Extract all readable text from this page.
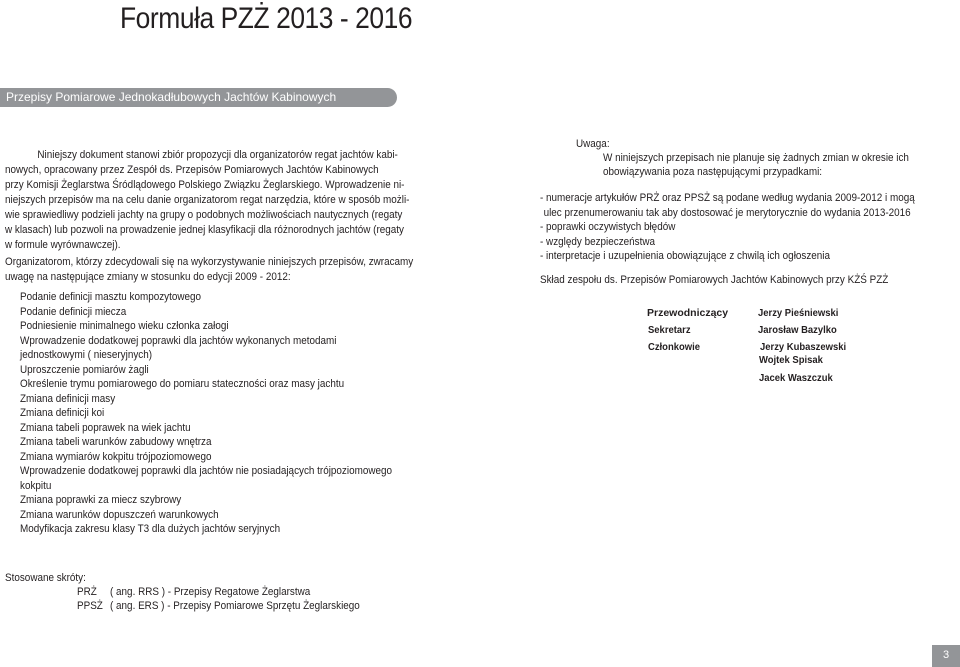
Formuła PZŻ 2013 - 2016
Przepisy Pomiarowe Jednokadłubowych Jachtów Kabinowych
Niniejszy dokument stanowi zbiór propozycji dla organizatorów regat jachtów kabi-
nowych, opracowany przez Zespół ds. Przepisów Pomiarowych Jachtów Kabinowych
przy Komisji Żeglarstwa Śródlądowego Polskiego Związku Żeglarskiego. Wprowadzenie ni-
niejszych przepisów ma na celu danie organizatorom regat narzędzia, które w sposób możli-
wie sprawiedliwy podzieli jachty na grupy o podobnych możliwościach nautycznych (regaty
w klasach) lub pozwoli na prowadzenie jednej klasyfikacji dla różnorodnych jachtów (regaty
w formule wyrównawczej).
Organizatorom, którzy zdecydowali się na wykorzystywanie niniejszych przepisów, zwracamy
uwagę na następujące zmiany w stosunku do edycji 2009 - 2012:
Podanie definicji masztu kompozytowego
Podanie definicji miecza
Podniesienie minimalnego wieku członka załogi
Wprowadzenie dodatkowej poprawki dla jachtów wykonanych metodami
jednostkowymi ( nieseryjnych)
Uproszczenie pomiarów żagli
Określenie trymu pomiarowego do pomiaru stateczności oraz masy jachtu
Zmiana definicji masy
Zmiana definicji koi
Zmiana tabeli poprawek na wiek jachtu
Zmiana tabeli warunków zabudowy wnętrza
Zmiana wymiarów kokpitu trójpoziomowego
Wprowadzenie dodatkowej poprawki dla jachtów nie posiadających trójpoziomowego
kokpitu
Zmiana poprawki za miecz szybrowy
Zmiana warunków dopuszczeń warunkowych
Modyfikacja zakresu klasy T3 dla dużych jachtów seryjnych
Uwaga:
W niniejszych przepisach nie planuje się żadnych zmian w okresie ich
obowiązywania poza następującymi przypadkami:
- numeracje artykułów PRŻ oraz PPSŻ są podane według wydania 2009-2012 i mogą
ulec przenumerowaniu tak aby dostosować je merytorycznie do wydania 2013-2016
- poprawki oczywistych błędów
- względy bezpieczeństwa
- interpretacje i uzupełnienia obowiązujące z chwilą ich ogłoszenia
Skład zespołu ds. Przepisów Pomiarowych Jachtów Kabinowych przy KŻŚ PZŻ
Przewodniczący	Jerzy Pieśniewski
Sekretarz	Jarosław Bazylko
Członkowie	Jerzy Kubaszewski
Wojtek Spisak
Jacek Waszczuk
Stosowane skróty:
PRŻ ( ang. RRS ) - Przepisy Regatowe Żeglarstwa
PPSŻ ( ang. ERS ) - Przepisy Pomiarowe Sprzętu Żeglarskiego
3
